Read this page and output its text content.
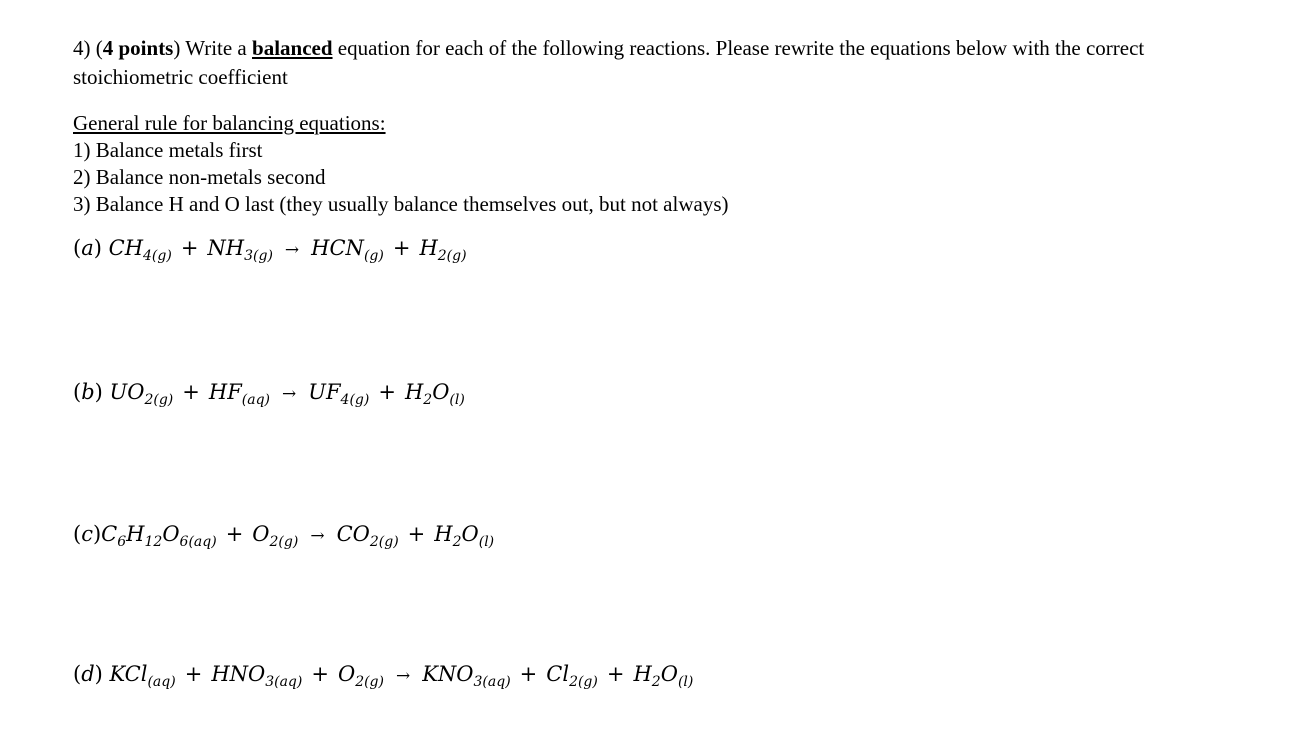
4) (4 points) Write a balanced equation for each of the following reactions. Please rewrite the equations below with the correct stoichiometric coefficient
General rule for balancing equations:
1) Balance metals first
2) Balance non-metals second
3) Balance H and O last (they usually balance themselves out, but not always)
(a) $CH_{4(g)} + NH_{3(g)} \to HCN_{(g)} + H_{2(g)}$
(b) $UO_{2(g)} + HF_{(aq)} \to UF_{4(g)} + H_2O_{(l)}$
$(c)C_6H_{12}O_{6(aq)} + O_{2(g)} \to CO_{2(g)} + H_2O_{(l)}$
(d) $KCl_{(aq)} + HNO_{3(aq)} + O_{2(g)} \to KNO_{3(aq)} + Cl_{2(g)} + H_2O_{(l)}$
